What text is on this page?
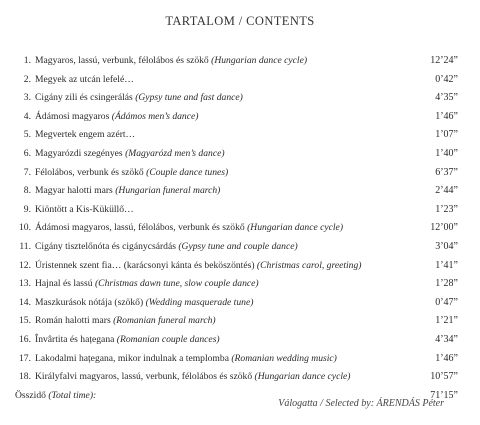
TARTALOM / CONTENTS
1. Magyaros, lassú, verbunk, félolábos és szökő (Hungarian dance cycle)	12’24”
2. Megyek az utcán lefelé…	0’42”
3. Cigány zili és csingerálás (Gypsy tune and fast dance)	4’35”
4. Ádámosi magyaros (Ádámos men’s dance)	1’46”
5. Megvertek engem azért…	1’07”
6. Magyarózdi szegényes (Magyarózd men’s dance)	1’40”
7. Félolábos, verbunk és szökő (Couple dance tunes)	6’37”
8. Magyar halotti mars (Hungarian funeral march)	2’44”
9. Kiöntött a Kis-Küküllő…	1’23”
10. Ádámosi magyaros, lassú, félolábos, verbunk és szökő (Hungarian dance cycle)	12’00”
11. Cigány tisztelőnóta és cigánycsárdás (Gypsy tune and couple dance)	3’04”
12. Úristennek szent fia… (karácsonyi kánta és beköszöntés) (Christmas carol, greeting)	1’41”
13. Hajnal és lassú (Christmas dawn tune, slow couple dance)	1’28”
14. Maszkurások nótája (szökő) (Wedding masquerade tune)	0’47”
15. Román halotti mars (Romanian funeral march)	1’21”
16. Învârtita és hațegana (Romanian couple dances)	4’34”
17. Lakodalmi hațegana, mikor indulnak a templomba (Romanian wedding music)	1’46”
18. Királyfalvi magyaros, lassú, verbunk, félolábos és szökő (Hungarian dance cycle)	10’57”
Összidő (Total time):	71’15”
Válogatta / Selected by: ÁRENDÁS Péter
